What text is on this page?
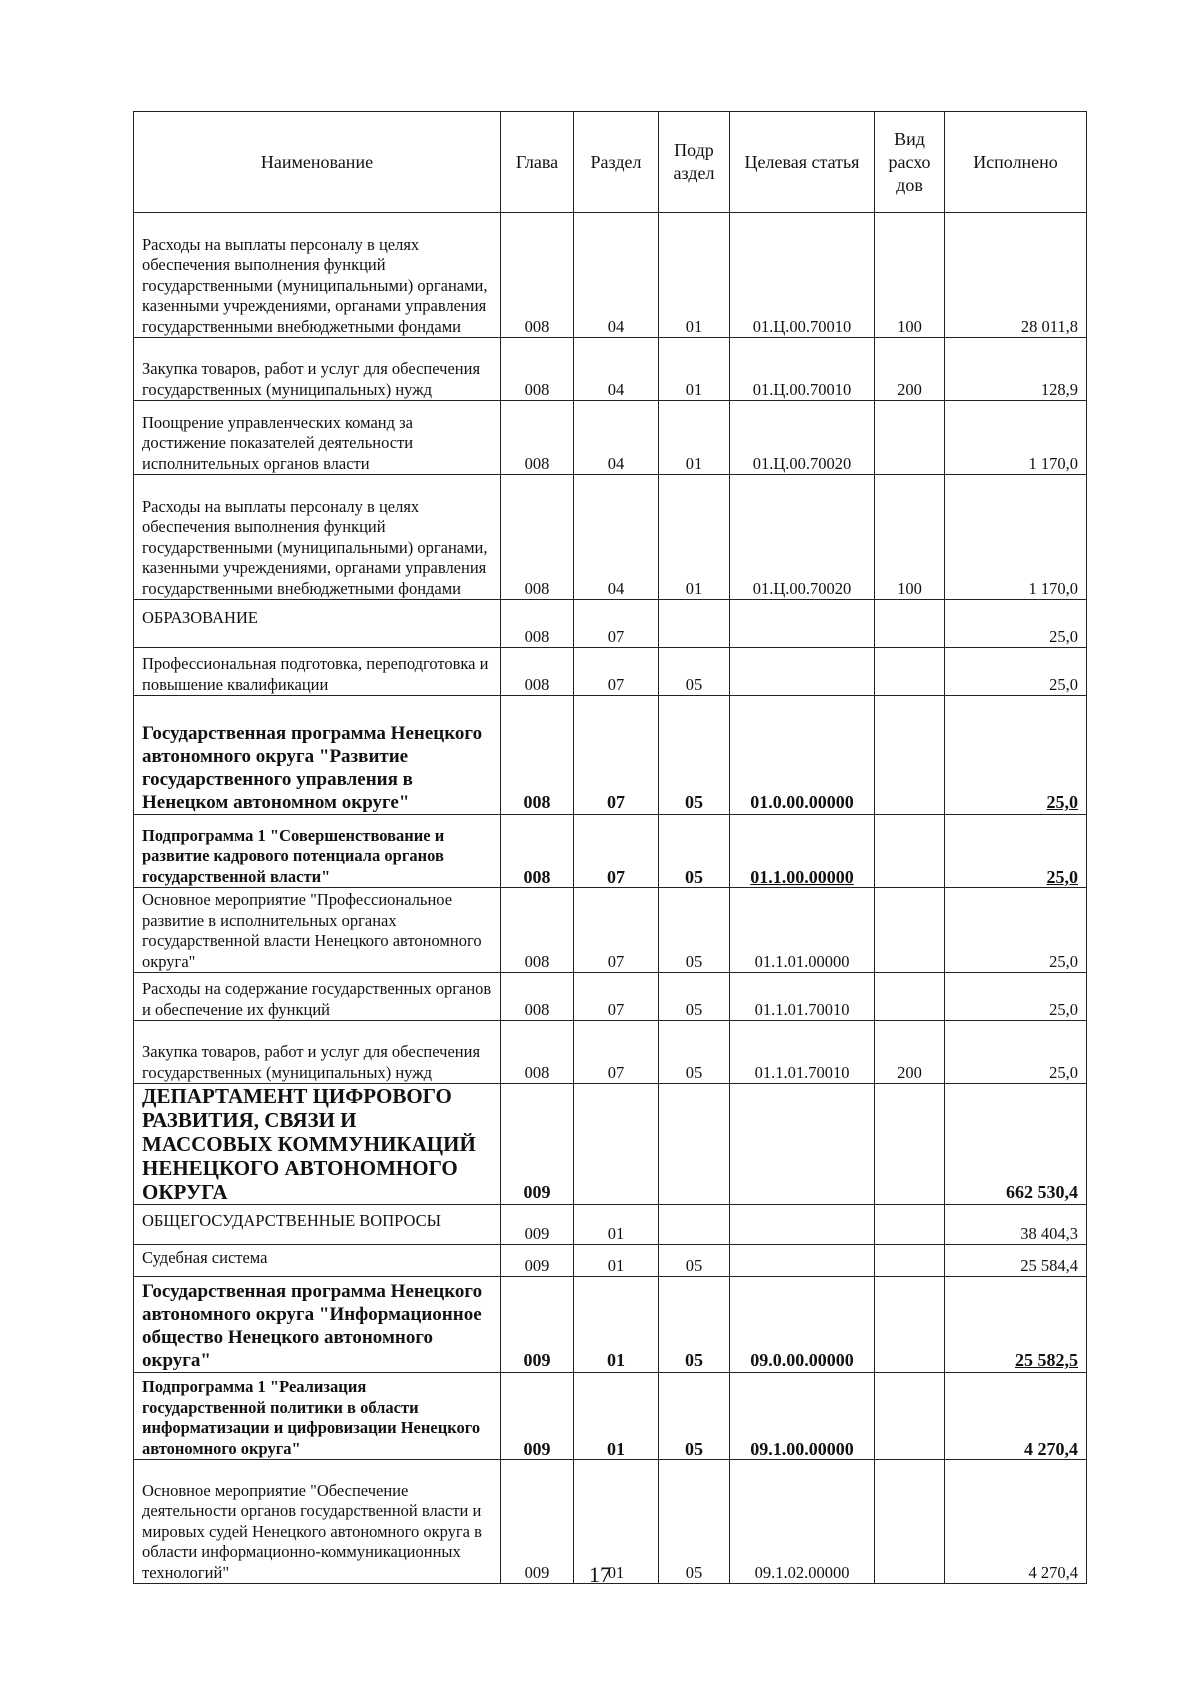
Наименование	Глава	Раздел	Подр аздел	Целевая статья	Вид расхо дов	Исполнено
Расходы на выплаты персоналу в целях обеспечения выполнения функций государственными (муниципальными) органами, казенными учреждениями, органами управления государственными внебюджетными фондами	008	04	01	01.Ц.00.70010	100	28 011,8
Закупка товаров, работ и услуг для обеспечения государственных (муниципальных) нужд	008	04	01	01.Ц.00.70010	200	128,9
Поощрение управленческих команд за достижение показателей деятельности исполнительных органов власти	008	04	01	01.Ц.00.70020		1 170,0
Расходы на выплаты персоналу в целях обеспечения выполнения функций государственными (муниципальными) органами, казенными учреждениями, органами управления государственными внебюджетными фондами	008	04	01	01.Ц.00.70020	100	1 170,0
ОБРАЗОВАНИЕ	008	07				25,0
Профессиональная подготовка, переподготовка и повышение квалификации	008	07	05			25,0
Государственная программа Ненецкого автономного округа "Развитие государственного управления в Ненецком автономном округе"	008	07	05	01.0.00.00000		25,0
Подпрограмма 1 "Совершенствование и развитие кадрового потенциала органов государственной власти"	008	07	05	01.1.00.00000		25,0
Основное мероприятие "Профессиональное развитие в исполнительных органах государственной власти Ненецкого автономного округа"	008	07	05	01.1.01.00000		25,0
Расходы на содержание государственных органов и обеспечение их функций	008	07	05	01.1.01.70010		25,0
Закупка товаров, работ и услуг для обеспечения государственных (муниципальных) нужд	008	07	05	01.1.01.70010	200	25,0
ДЕПАРТАМЕНТ ЦИФРОВОГО РАЗВИТИЯ, СВЯЗИ И МАССОВЫХ КОММУНИКАЦИЙ НЕНЕЦКОГО АВТОНОМНОГО ОКРУГА	009					662 530,4
ОБЩЕГОСУДАРСТВЕННЫЕ ВОПРОСЫ	009	01				38 404,3
Судебная система	009	01	05			25 584,4
Государственная программа Ненецкого автономного округа "Информационное общество Ненецкого автономного округа"	009	01	05	09.0.00.00000		25 582,5
Подпрограмма 1 "Реализация государственной политики в области информатизации и цифровизации Ненецкого автономного округа"	009	01	05	09.1.00.00000		4 270,4
Основное мероприятие "Обеспечение деятельности органов государственной власти и мировых судей Ненецкого автономного округа в области информационно-коммуникационных технологий"	009	01	05	09.1.02.00000		4 270,4
17
